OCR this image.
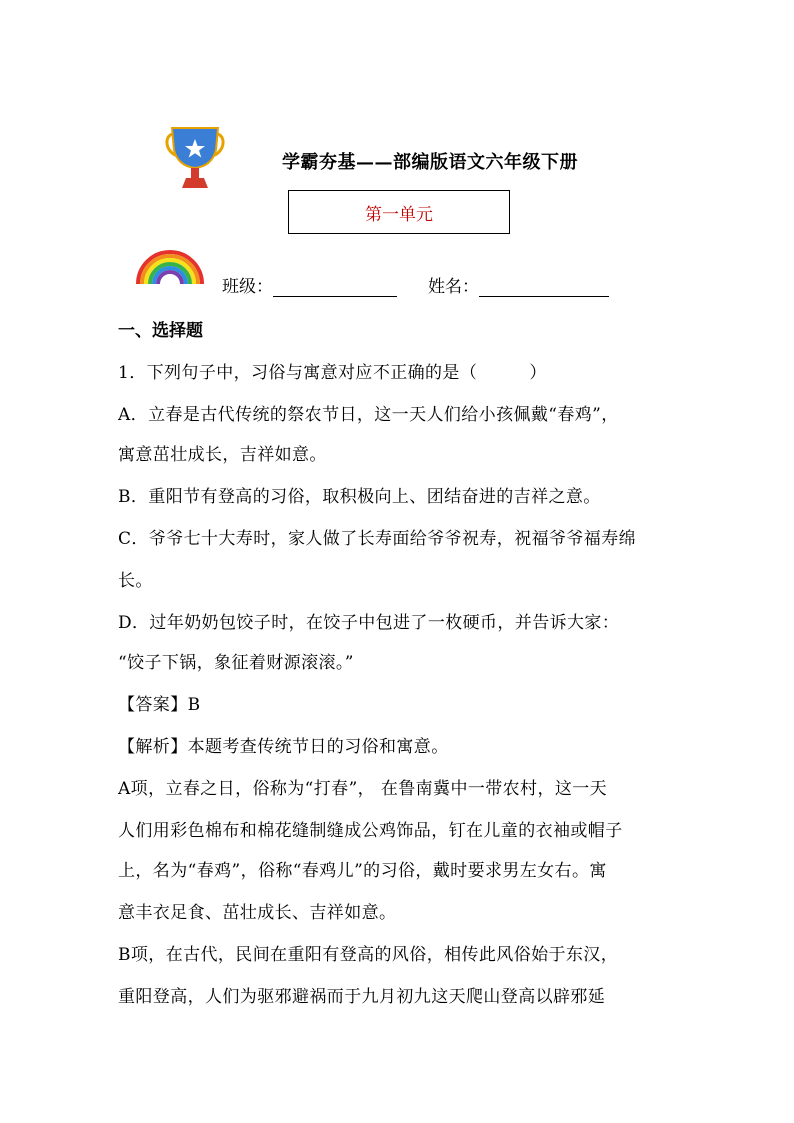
学霸夯基——部编版语文六年级下册
第一单元
班级：	姓名：
一、选择题
1．下列句子中，习俗与寓意对应不正确的是（　　　）
A．立春是古代传统的祭农节日，这一天人们给小孩佩戴“春鸡”，
寓意茁壮成长，吉祥如意。
B．重阳节有登高的习俗，取积极向上、团结奋进的吉祥之意。
C．爷爷七十大寿时，家人做了长寿面给爷爷祝寿，祝福爷爷福寿绵
长。
D．过年奶奶包饺子时，在饺子中包进了一枚硬币，并告诉大家：
“饺子下锅，象征着财源滚滚。”
【答案】B
【解析】本题考查传统节日的习俗和寓意。
A项，立春之日，俗称为“打春”， 在鲁南冀中一带农村，这一天
人们用彩色棉布和棉花缝制缝成公鸡饰品，钉在儿童的衣袖或帽子
上，名为“春鸡”，俗称“春鸡儿”的习俗，戴时要求男左女右。寓
意丰衣足食、茁壮成长、吉祥如意。
B项，在古代，民间在重阳有登高的风俗，相传此风俗始于东汉，
重阳登高，人们为驱邪避祸而于九月初九这天爬山登高以辟邪延
